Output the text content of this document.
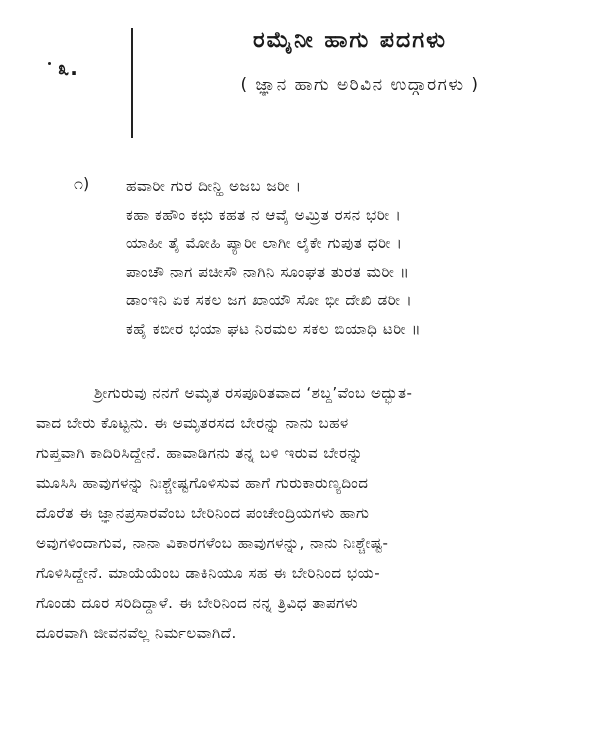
೩.
ರಮೈನೀ ಹಾಗು ಪದಗಳು
( ಜ್ಞಾನ ಹಾಗು ಅರಿವಿನ ಉದ್ಗಾರಗಳು )
೧) ಹವಾರೀ ಗುರ ದೀನ್ಹಿ ಅಜಬ ಜರೀ ।
ಕಹಾ ಕಹೌಂ ಕಛು ಕಹತ ನ ಆವೈ ಅಮ್ರಿತ ರಸನ ಭರೀ ।
ಯಾಹೀ ತೈ ಮೋಹಿ ಪ್ಯಾರೀ ಲಾಗೀ ಲೈಕೇ ಗುಪುತ ಧರೀ ।
ಪಾಂಚೌ ನಾಗ ಪಚೀಸೌ ನಾಗಿನಿ ಸೂಂಘತ ತುರತ ಮರೀ ॥
ಡಾಂಇನಿ ಏಕ ಸಕಲ ಜಗ ಖಾಯೌ ಸೋ ಭೀ ದೇಖಿ ಡರೀ ।
ಕಹೈ ಕಬೀರ ಭಯಾ ಘಟ ನಿರಮಲ ಸಕಲ ಬಿಯಾಧಿ ಟರೀ ॥
ಶ್ರೀಗುರುವು ನನಗೆ ಅಮೃತ ರಸಪೂರಿತವಾದ ‘ಶಬ್ದ’ವೆಂಬ ಅದ್ಭುತ-
ವಾದ ಬೇರು ಕೊಟ್ಟನು. ಈ ಅಮೃತರಸದ ಬೇರನ್ನು ನಾನು ಬಹಳ
ಗುಪ್ತವಾಗಿ ಕಾದಿರಿಸಿದ್ದೇನೆ. ಹಾವಾಡಿಗನು ತನ್ನ ಬಳಿ ಇರುವ ಬೇರನ್ನು
ಮೂಸಿಸಿ ಹಾವುಗಳನ್ನು ನಿಃಶ್ಚೇಷ್ಟಗೊಳಿಸುವ ಹಾಗೆ ಗುರುಕಾರುಣ್ಯದಿಂದ
ದೊರೆತ ಈ ಜ್ಞಾನಪ್ರಸಾರವೆಂಬ ಬೇರಿನಿಂದ ಪಂಚೇಂದ್ರಿಯಗಳು ಹಾಗು
ಅವುಗಳಿಂದಾಗುವ, ನಾನಾ ವಿಕಾರಗಳೆಂಬ ಹಾವುಗಳನ್ನು, ನಾನು ನಿಃಶ್ಚೇಷ್ಟ-
ಗೊಳಿಸಿದ್ದೇನೆ. ಮಾಯೆಯೆಂಬ ಡಾಕಿನಿಯೂ ಸಹ ಈ ಬೇರಿನಿಂದ ಭಯ-
ಗೊಂಡು ದೂರ ಸರಿದಿದ್ದಾಳೆ. ಈ ಬೇರಿನಿಂದ ನನ್ನ ತ್ರಿವಿಧ ತಾಪಗಳು
ದೂರವಾಗಿ ಜೀವನವೆಲ್ಲ ನಿರ್ಮಲವಾಗಿದೆ.
